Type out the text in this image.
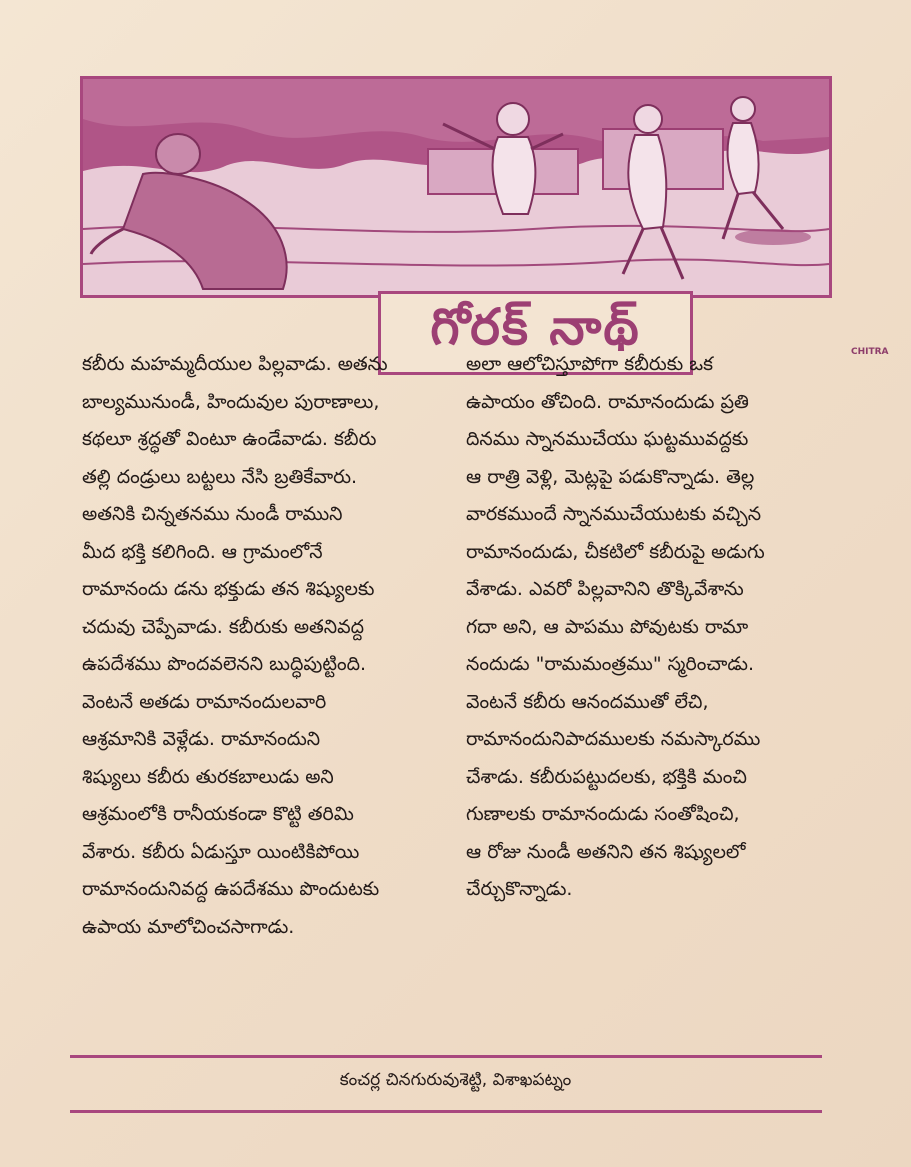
గోరక్ నాథ్	CHITRA
కబీరు మహమ్మదీయుల పిల్లవాడు. అతను
బాల్యమునుండీ, హిందువుల పురాణాలు,
కథలూ శ్రద్ధతో వింటూ ఉండేవాడు. కబీరు
తల్లి దండ్రులు బట్టలు నేసి బ్రతికేవారు.
అతనికి చిన్నతనము నుండీ రాముని
మీద భక్తి కలిగింది. ఆ గ్రామంలోనే
రామానందు డను భక్తుడు తన శిష్యులకు
చదువు చెప్పేవాడు. కబీరుకు అతనివద్ద
ఉపదేశము పొందవలెనని బుద్ధిపుట్టింది.
వెంటనే అతడు రామానందులవారి
ఆశ్రమానికి వెళ్లేడు. రామానందుని
శిష్యులు కబీరు తురకబాలుడు అని
ఆశ్రమంలోకి రానీయకండా కొట్టి తరిమి
వేశారు. కబీరు ఏడుస్తూ యింటికిపోయి
రామానందునివద్ద ఉపదేశము పొందుటకు
ఉపాయ మాలోచించసాగాడు.
అలా ఆలోచిస్తూపోగా కబీరుకు ఒక
ఉపాయం తోచింది. రామానందుడు ప్రతి
దినము స్నానముచేయు ఘట్టమువద్దకు
ఆ రాత్రి వెళ్లి, మెట్లపై పడుకొన్నాడు. తెల్ల
వారకముందే స్నానముచేయుటకు వచ్చిన
రామానందుడు, చీకటిలో కబీరుపై అడుగు
వేశాడు. ఎవరో పిల్లవానిని తొక్కివేశాను
గదా అని, ఆ పాపము పోవుటకు రామా
నందుడు "రామమంత్రము" స్మరించాడు.
వెంటనే కబీరు ఆనందముతో లేచి,
రామానందునిపాదములకు నమస్కారము
చేశాడు. కబీరుపట్టుదలకు, భక్తికి మంచి
గుణాలకు రామానందుడు సంతోషించి,
ఆ రోజు నుండీ అతనిని తన శిష్యులలో
చేర్చుకొన్నాడు.
కంచర్ల చినగురువుశెట్టి, విశాఖపట్నం
